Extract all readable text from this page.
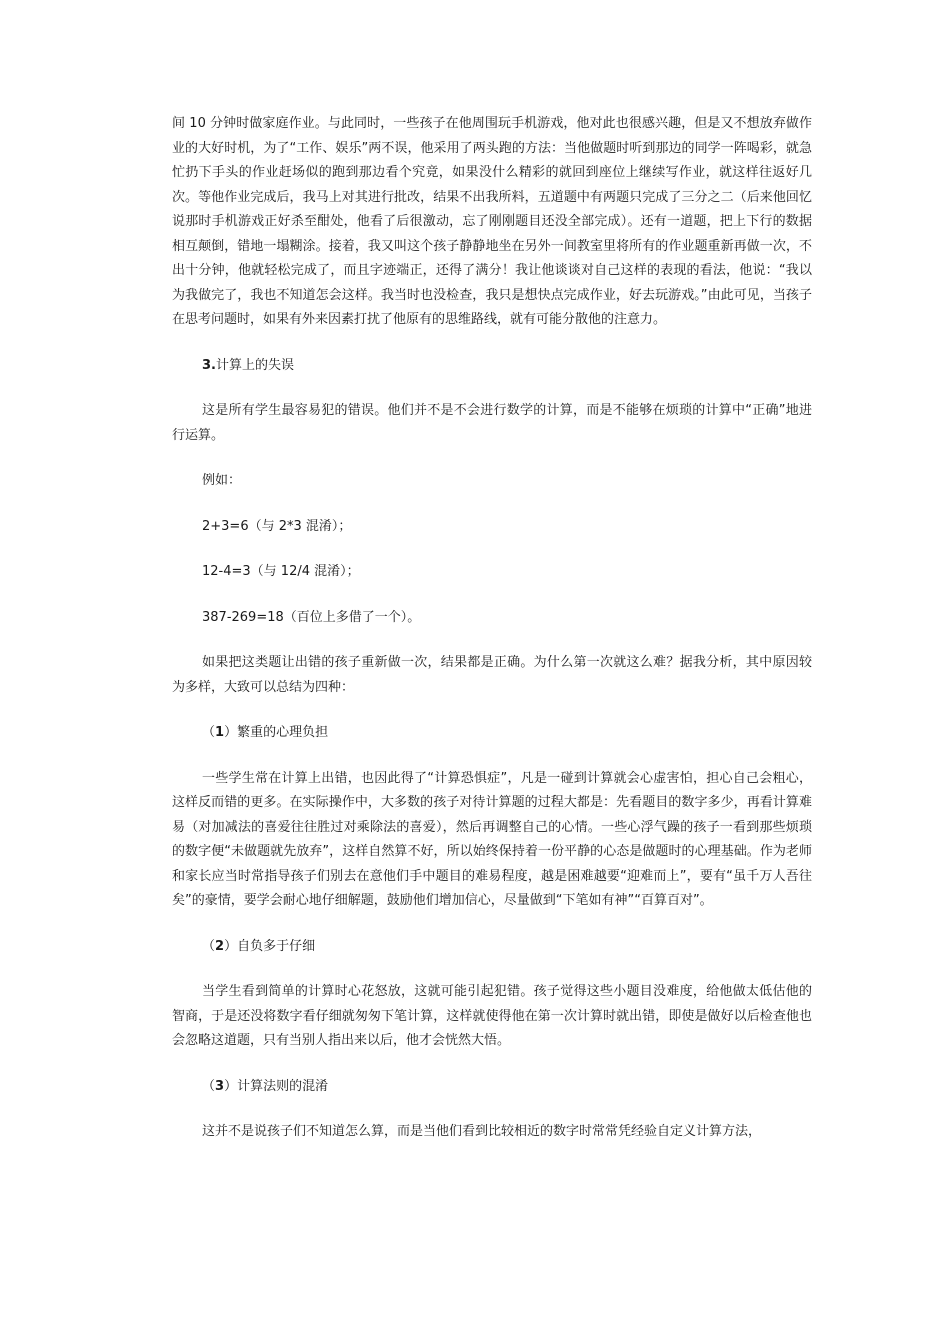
间 10 分钟时做家庭作业。与此同时，一些孩子在他周围玩手机游戏，他对此也很感兴趣，但是又不想放弃做作业的大好时机，为了“工作、娱乐”两不误，他采用了两头跑的方法：当他做题时听到那边的同学一阵喝彩，就急忙扔下手头的作业赶场似的跑到那边看个究竟，如果没什么精彩的就回到座位上继续写作业，就这样往返好几次。等他作业完成后，我马上对其进行批改，结果不出我所料，五道题中有两题只完成了三分之二（后来他回忆说那时手机游戏正好杀至酣处，他看了后很激动，忘了刚刚题目还没全部完成）。还有一道题，把上下行的数据相互颠倒，错地一塌糊涂。接着，我又叫这个孩子静静地坐在另外一间教室里将所有的作业题重新再做一次，不出十分钟，他就轻松完成了，而且字迹端正，还得了满分！我让他谈谈对自己这样的表现的看法，他说：“我以为我做完了，我也不知道怎会这样。我当时也没检查，我只是想快点完成作业，好去玩游戏。”由此可见，当孩子在思考问题时，如果有外来因素打扰了他原有的思维路线，就有可能分散他的注意力。

3.计算上的失误

这是所有学生最容易犯的错误。他们并不是不会进行数学的计算，而是不能够在烦琐的计算中“正确”地进行运算。

例如：

2+3=6（与 2*3 混淆）；

12-4=3（与 12/4 混淆）；

387-269=18（百位上多借了一个）。

如果把这类题让出错的孩子重新做一次，结果都是正确。为什么第一次就这么难？据我分析，其中原因较为多样，大致可以总结为四种：

（1）繁重的心理负担

一些学生常在计算上出错，也因此得了“计算恐惧症”，凡是一碰到计算就会心虚害怕，担心自己会粗心，这样反而错的更多。在实际操作中，大多数的孩子对待计算题的过程大都是：先看题目的数字多少，再看计算难易（对加减法的喜爱往往胜过对乘除法的喜爱），然后再调整自己的心情。一些心浮气躁的孩子一看到那些烦琐的数字便“未做题就先放弃”，这样自然算不好，所以始终保持着一份平静的心态是做题时的心理基础。作为老师和家长应当时常指导孩子们别去在意他们手中题目的难易程度，越是困难越要“迎难而上”，要有“虽千万人吾往矣”的豪情，要学会耐心地仔细解题，鼓励他们增加信心，尽量做到“下笔如有神”“百算百对”。

（2）自负多于仔细

当学生看到简单的计算时心花怒放，这就可能引起犯错。孩子觉得这些小题目没难度，给他做太低估他的智商，于是还没将数字看仔细就匆匆下笔计算，这样就使得他在第一次计算时就出错，即使是做好以后检查他也会忽略这道题，只有当别人指出来以后，他才会恍然大悟。

（3）计算法则的混淆

这并不是说孩子们不知道怎么算，而是当他们看到比较相近的数字时常常凭经验自定义计算方法，
